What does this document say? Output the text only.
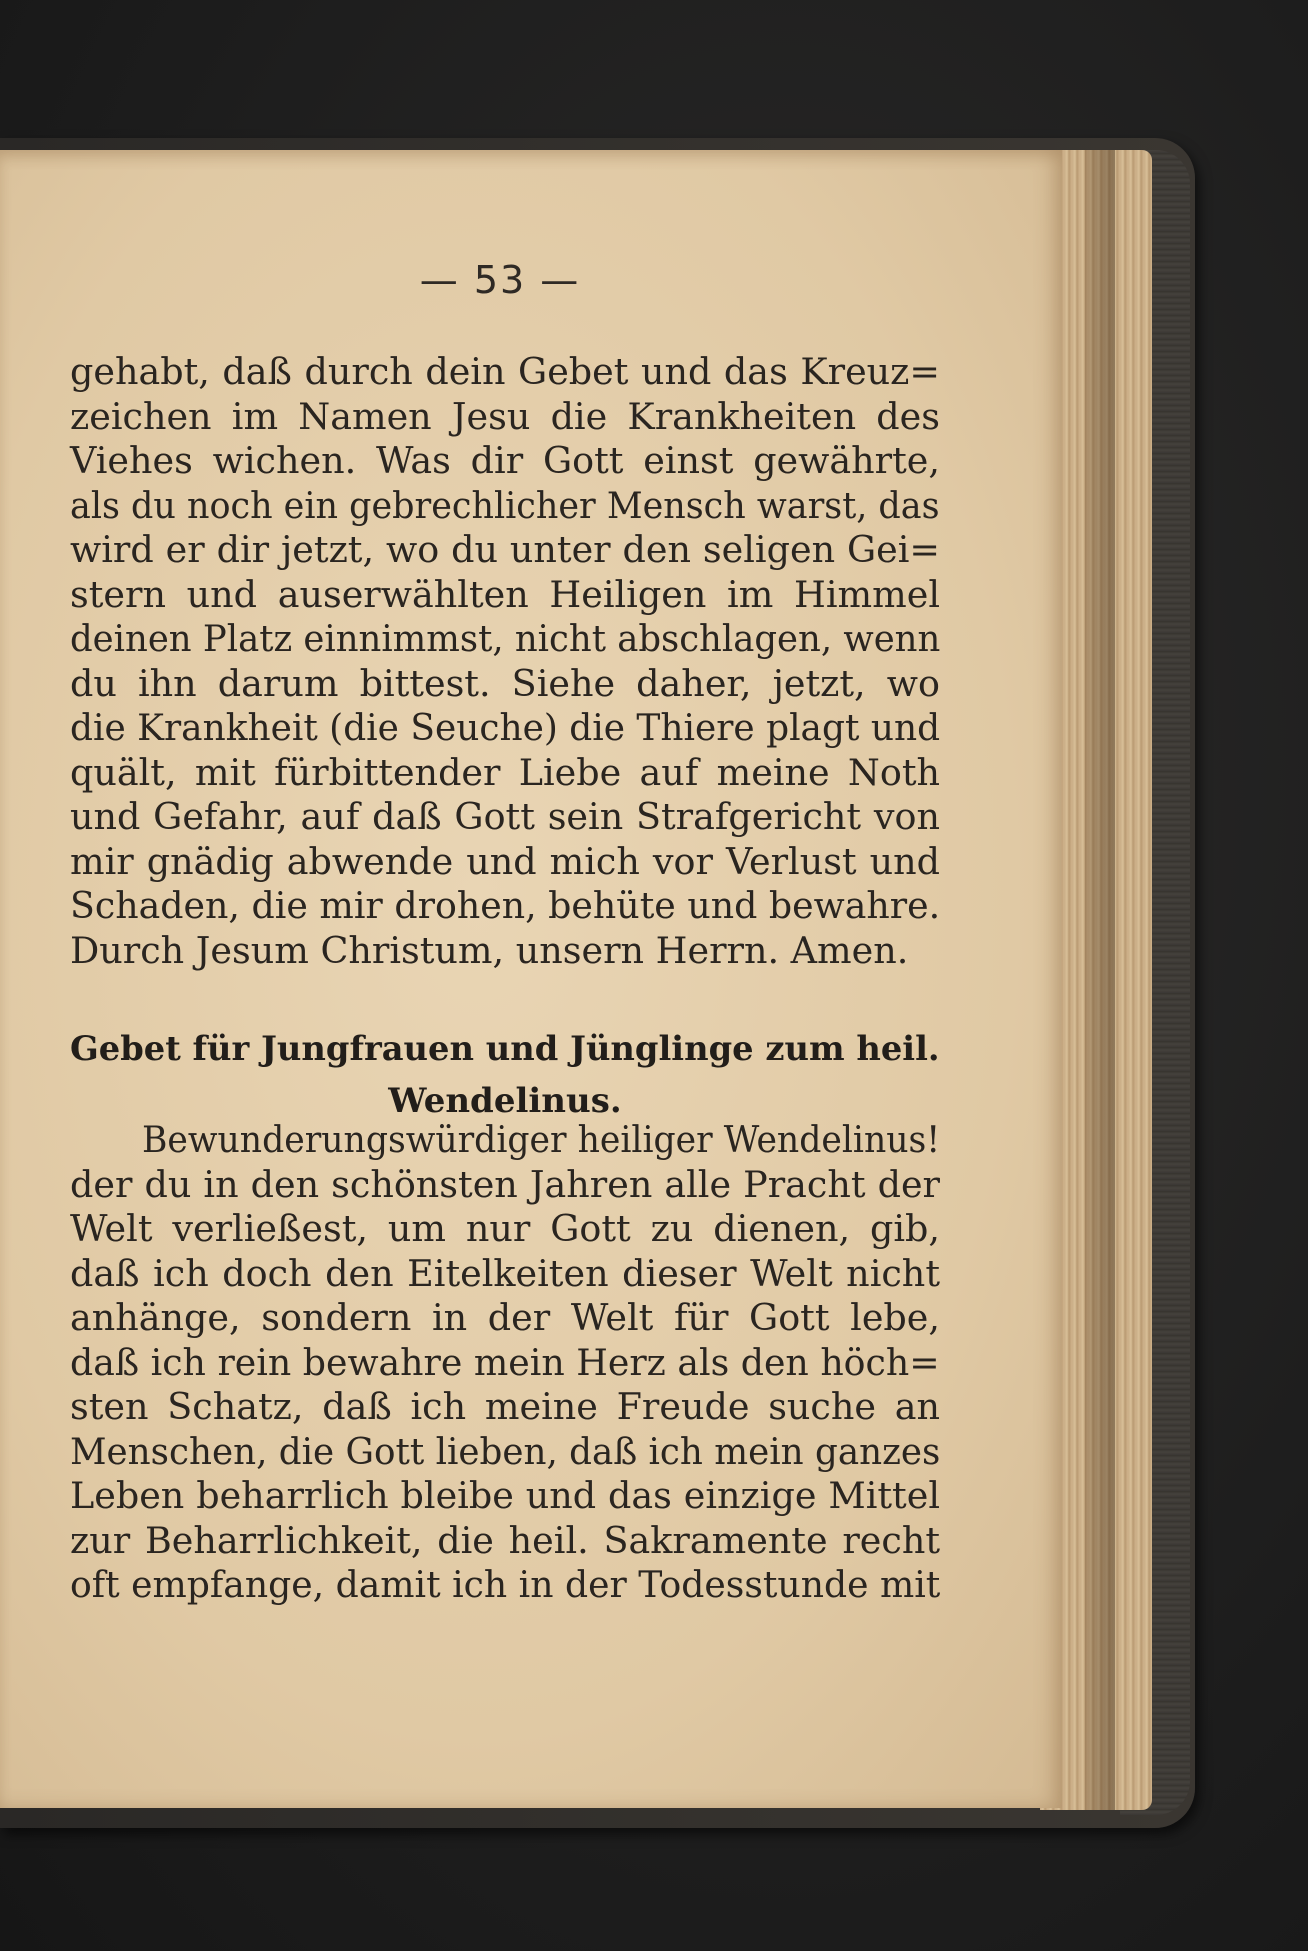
— 53 —
gehabt, daß durch dein Gebet und das Kreuz=
zeichen im Namen Jesu die Krankheiten des
Viehes wichen. Was dir Gott einst gewährte,
als du noch ein gebrechlicher Mensch warst, das
wird er dir jetzt, wo du unter den seligen Gei=
stern und auserwählten Heiligen im Himmel
deinen Platz einnimmst, nicht abschlagen, wenn
du ihn darum bittest. Siehe daher, jetzt, wo
die Krankheit (die Seuche) die Thiere plagt und
quält, mit fürbittender Liebe auf meine Noth
und Gefahr, auf daß Gott sein Strafgericht von
mir gnädig abwende und mich vor Verlust und
Schaden, die mir drohen, behüte und bewahre.
Durch Jesum Christum, unsern Herrn. Amen.
Gebet für Jungfrauen und Jünglinge zum heil.
Wendelinus.
Bewunderungswürdiger heiliger Wendelinus!
der du in den schönsten Jahren alle Pracht der
Welt verließest, um nur Gott zu dienen, gib,
daß ich doch den Eitelkeiten dieser Welt nicht
anhänge, sondern in der Welt für Gott lebe,
daß ich rein bewahre mein Herz als den höch=
sten Schatz, daß ich meine Freude suche an
Menschen, die Gott lieben, daß ich mein ganzes
Leben beharrlich bleibe und das einzige Mittel
zur Beharrlichkeit, die heil. Sakramente recht
oft empfange, damit ich in der Todesstunde mit
